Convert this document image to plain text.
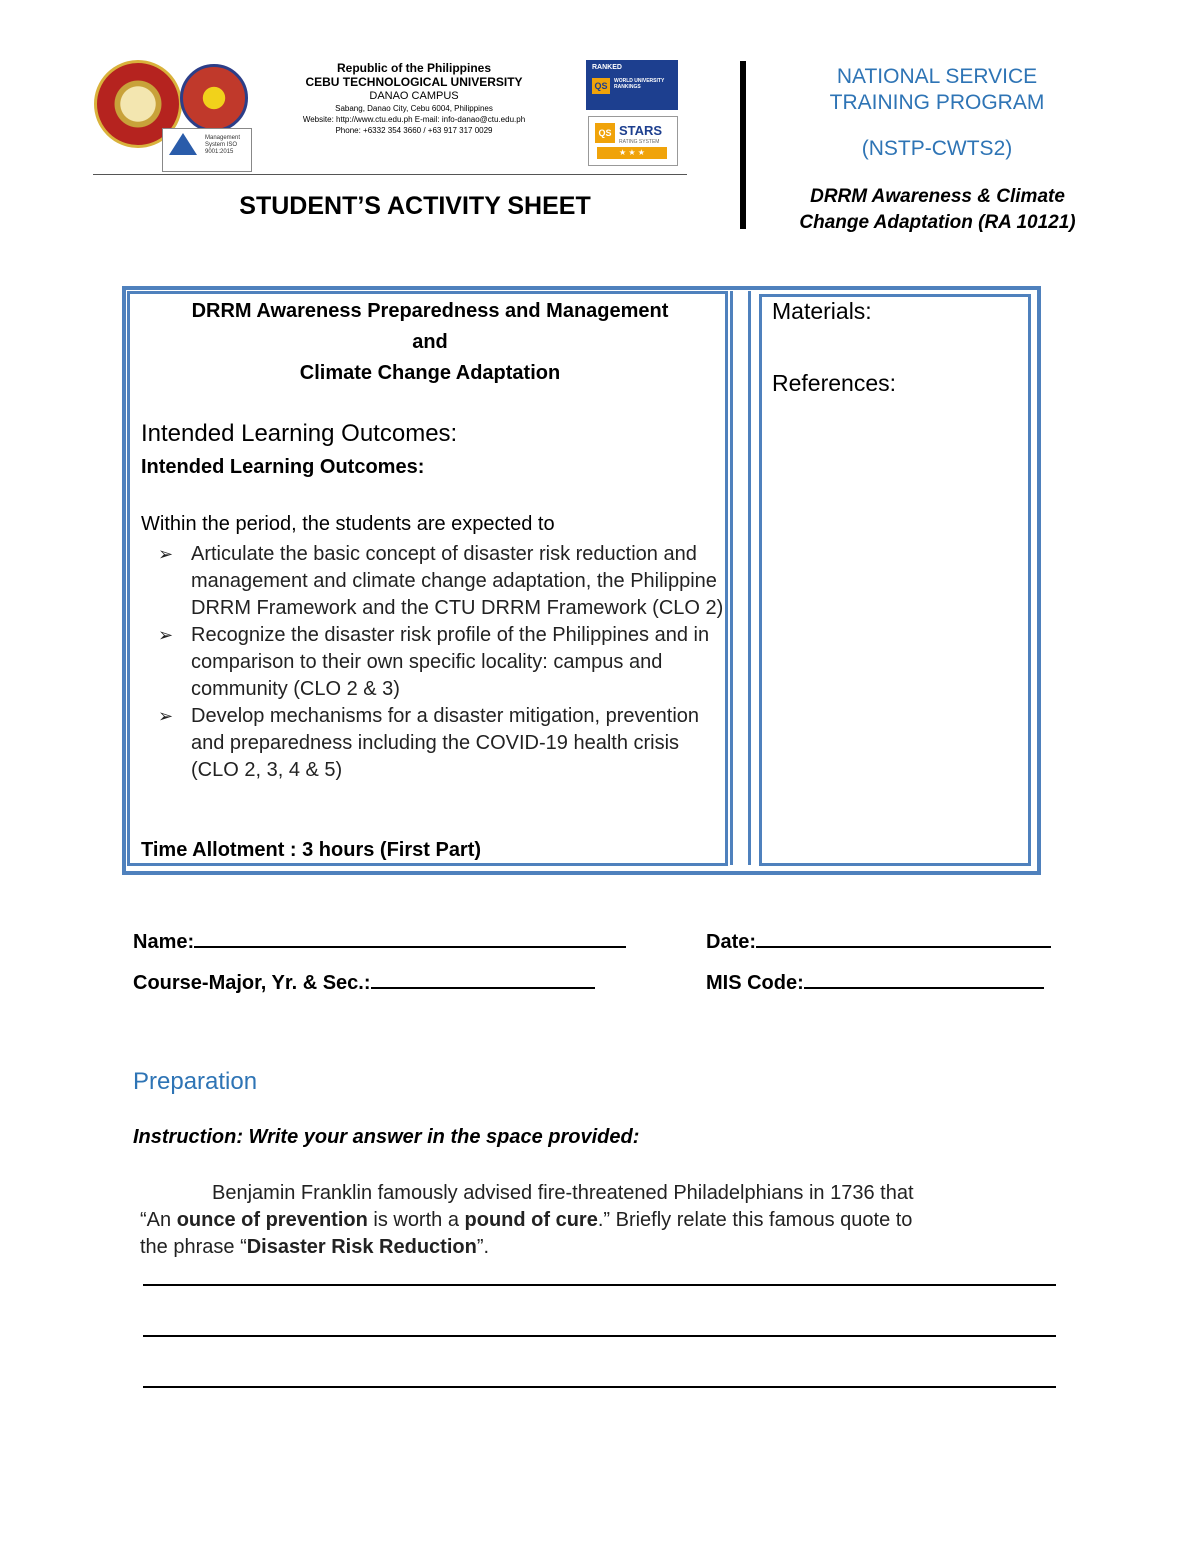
Management System ISO 9001:2015
Republic of the Philippines
CEBU TECHNOLOGICAL UNIVERSITY
DANAO CAMPUS
Sabang, Danao City, Cebu 6004, Philippines
Website: http://www.ctu.edu.ph E-mail: info-danao@ctu.edu.ph
Phone: +6332 354 3660 / +63 917 317 0029
RANKED
QS	WORLD UNIVERSITY RANKINGS
QS STARS
RATING SYSTEM
★ ★ ★
STUDENT’S ACTIVITY SHEET
NATIONAL SERVICE
TRAINING PROGRAM
(NSTP-CWTS2)
DRRM Awareness & Climate
Change Adaptation (RA 10121)
DRRM Awareness Preparedness and Management
and
Climate Change Adaptation
Intended Learning Outcomes:
Intended Learning Outcomes:
Within the period, the students are expected to
➢ Articulate the basic concept of disaster risk reduction and management and climate change adaptation, the Philippine DRRM Framework and the CTU DRRM Framework (CLO 2)
➢ Recognize the disaster risk profile of the Philippines and in comparison to their own specific locality: campus and community (CLO 2 & 3)
➢ Develop mechanisms for a disaster mitigation, prevention and preparedness including the COVID-19 health crisis (CLO 2, 3, 4 & 5)
Time Allotment : 3 hours (First Part)
Materials:
References:
Name:	Date:
Course-Major, Yr. & Sec.:	MIS Code:
Preparation
Instruction: Write your answer in the space provided:
Benjamin Franklin famously advised fire-threatened Philadelphians in 1736 that
“An ounce of prevention is worth a pound of cure.” Briefly relate this famous quote to
the phrase “Disaster Risk Reduction”.
